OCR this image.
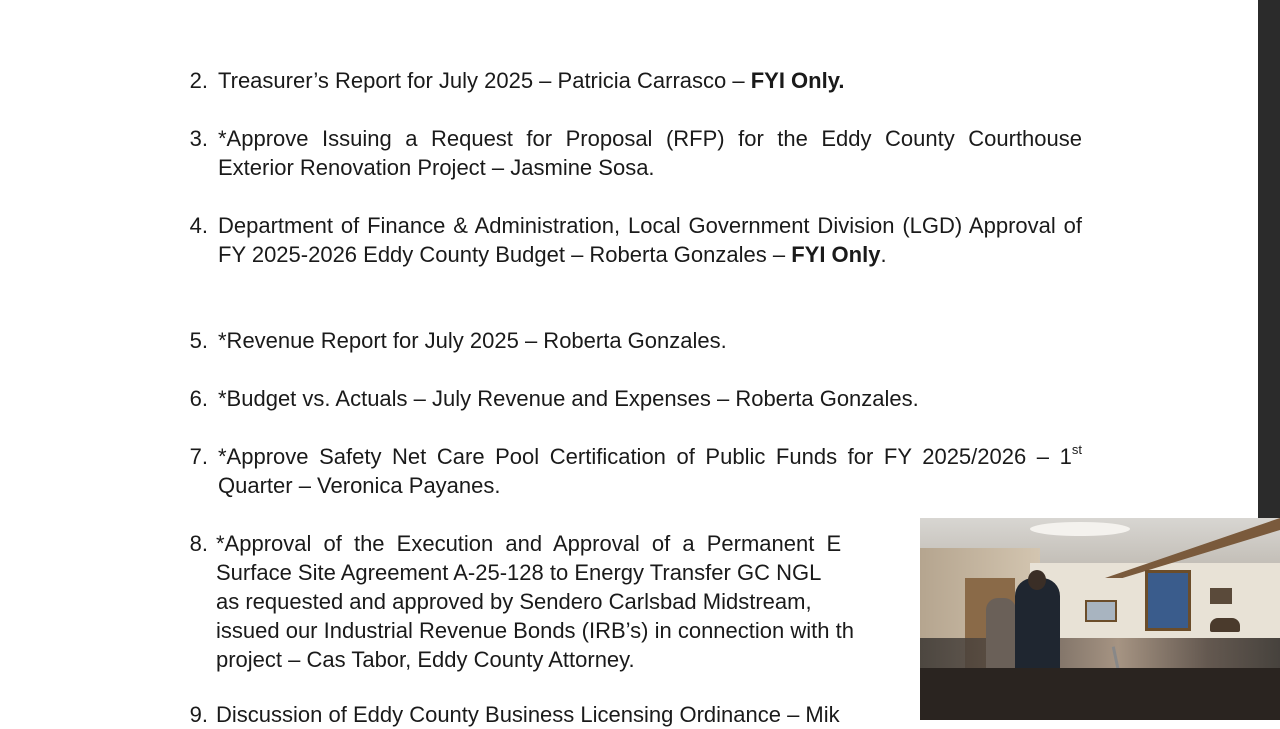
2. Treasurer’s Report for July 2025 – Patricia Carrasco – FYI Only.
3. *Approve Issuing a Request for Proposal (RFP) for the Eddy County Courthouse Exterior Renovation Project – Jasmine Sosa.
4. Department of Finance & Administration, Local Government Division (LGD) Approval of FY 2025-2026 Eddy County Budget – Roberta Gonzales – FYI Only.
5. *Revenue Report for July 2025 – Roberta Gonzales.
6. *Budget vs. Actuals – July Revenue and Expenses – Roberta Gonzales.
7. *Approve Safety Net Care Pool Certification of Public Funds for FY 2025/2026 – 1st Quarter – Veronica Payanes.
8. *Approval of the Execution and Approval of a Permanent E
Surface Site Agreement A-25-128 to Energy Transfer GC NGL
as requested and approved by Sendero Carlsbad Midstream,
issued our Industrial Revenue Bonds (IRB’s) in connection with th
project – Cas Tabor, Eddy County Attorney.
9. Discussion of Eddy County Business Licensing Ordinance – Mik
